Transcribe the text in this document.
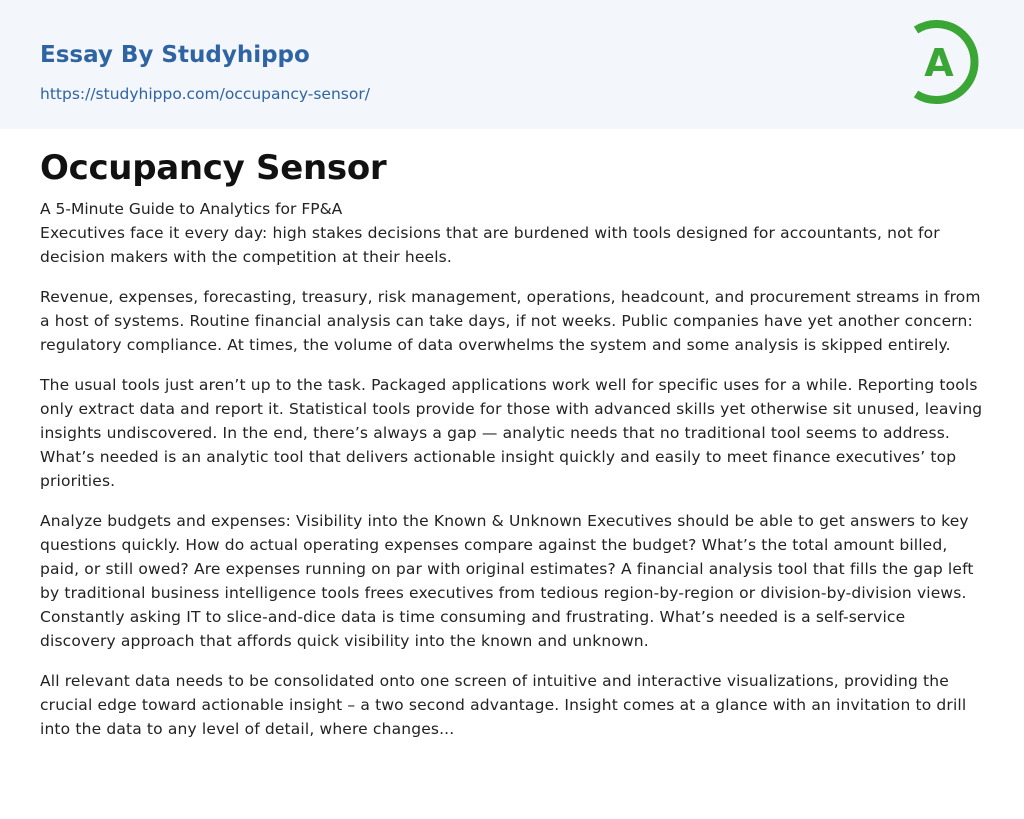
Essay By Studyhippo
https://studyhippo.com/occupancy-sensor/
A
Occupancy Sensor
A 5-Minute Guide to Analytics for FP&A

Executives face it every day: high stakes decisions that are burdened with tools designed for accountants, not for decision makers with the competition at their heels.

Revenue, expenses, forecasting, treasury, risk management, operations, headcount, and procurement streams in from a host of systems. Routine financial analysis can take days, if not weeks. Public companies have yet another concern: regulatory compliance. At times, the volume of data overwhelms the system and some analysis is skipped entirely.

The usual tools just aren’t up to the task. Packaged applications work well for specific uses for a while. Reporting tools only extract data and report it. Statistical tools provide for those with advanced skills yet otherwise sit unused, leaving insights undiscovered. In the end, there’s always a gap — analytic needs that no traditional tool seems to address. What’s needed is an analytic tool that delivers actionable insight quickly and easily to meet finance executives’ top priorities.

Analyze budgets and expenses: Visibility into the Known & Unknown Executives should be able to get answers to key questions quickly. How do actual operating expenses compare against the budget? What’s the total amount billed, paid, or still owed? Are expenses running on par with original estimates? A financial analysis tool that fills the gap left by traditional business intelligence tools frees executives from tedious region-by-region or division-by-division views. Constantly asking IT to slice-and-dice data is time consuming and frustrating. What’s needed is a self-service discovery approach that affords quick visibility into the known and unknown.

All relevant data needs to be consolidated onto one screen of intuitive and interactive visualizations, providing the crucial edge toward actionable insight – a two second advantage. Insight comes at a glance with an invitation to drill into the data to any level of detail, where changes...
